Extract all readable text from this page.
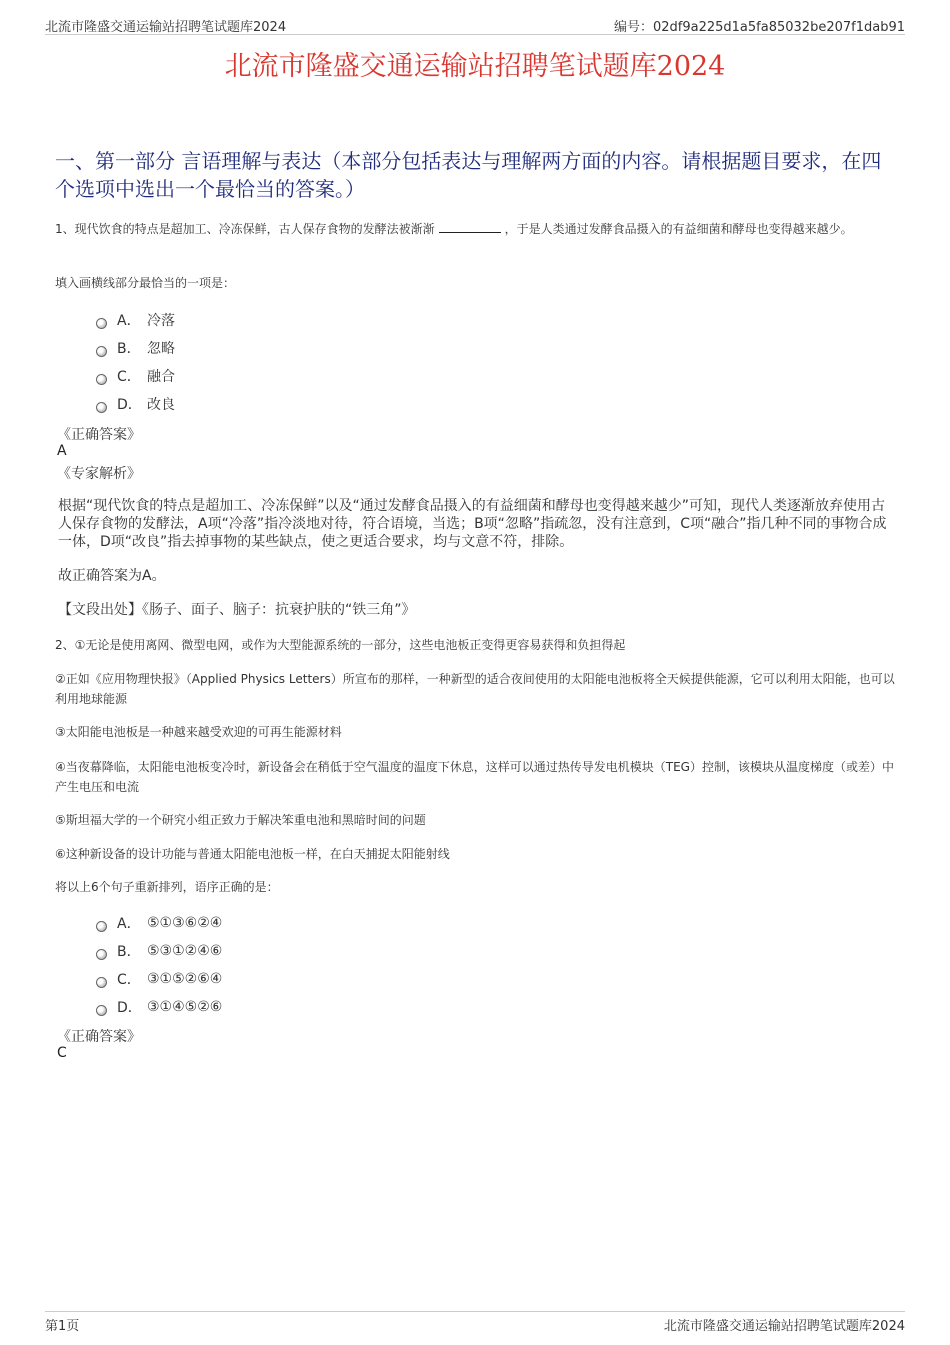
北流市隆盛交通运输站招聘笔试题库2024	编号：02df9a225d1a5fa85032be207f1dab91
北流市隆盛交通运输站招聘笔试题库2024
一、第一部分 言语理解与表达（本部分包括表达与理解两方面的内容。请根据题目要求，在四个选项中选出一个最恰当的答案。）
1、现代饮食的特点是超加工、冷冻保鲜，古人保存食物的发酵法被渐渐	，于是人类通过发酵食品摄入的有益细菌和酵母也变得越来越少。
填入画横线部分最恰当的一项是：
A． 冷落
B． 忽略
C． 融合
D． 改良
《正确答案》
A
《专家解析》
根据“现代饮食的特点是超加工、冷冻保鲜”以及“通过发酵食品摄入的有益细菌和酵母也变得越来越少”可知，现代人类逐渐放弃使用古人保存食物的发酵法，A项“冷落”指冷淡地对待，符合语境，当选；B项“忽略”指疏忽，没有注意到，C项“融合”指几种不同的事物合成一体，D项“改良”指去掉事物的某些缺点，使之更适合要求，均与文意不符，排除。
故正确答案为A。
【文段出处】《肠子、面子、脑子：抗衰护肤的“铁三角”》
2、①无论是使用离网、微型电网，或作为大型能源系统的一部分，这些电池板正变得更容易获得和负担得起
②正如《应用物理快报》（Applied Physics Letters）所宣布的那样，一种新型的适合夜间使用的太阳能电池板将全天候提供能源，它可以利用太阳能，也可以利用地球能源
③太阳能电池板是一种越来越受欢迎的可再生能源材料
④当夜幕降临，太阳能电池板变冷时，新设备会在稍低于空气温度的温度下休息，这样可以通过热传导发电机模块（TEG）控制，该模块从温度梯度（或差）中产生电压和电流
⑤斯坦福大学的一个研究小组正致力于解决笨重电池和黑暗时间的问题
⑥这种新设备的设计功能与普通太阳能电池板一样，在白天捕捉太阳能射线
将以上6个句子重新排列，语序正确的是：
A． ⑤①③⑥②④
B． ⑤③①②④⑥
C． ③①⑤②⑥④
D． ③①④⑤②⑥
《正确答案》
C
第1页	北流市隆盛交通运输站招聘笔试题库2024
